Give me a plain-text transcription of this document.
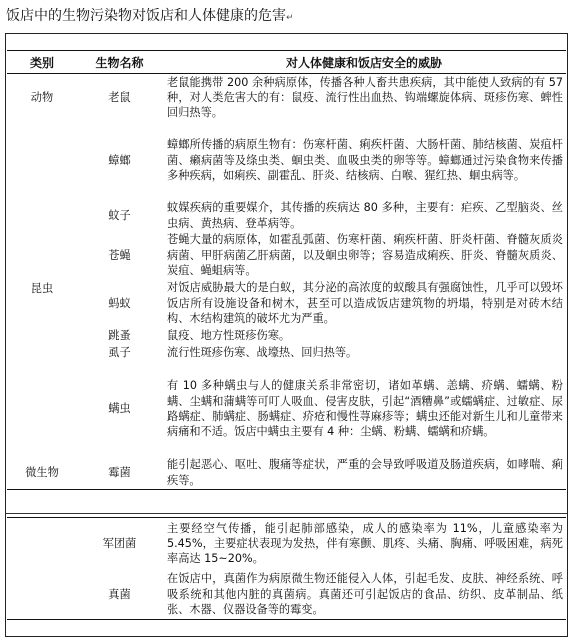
饭店中的生物污染物对饭店和人体健康的危害↵
类别	生物名称	对人体健康和饭店安全的威胁
动物	老鼠	老鼠能携带 200 余种病原体，传播各种人畜共患疾病，其中能使人致病的有 57 种，对人类危害大的有：鼠疫、流行性出血热、钩端螺旋体病、斑疹伤寒、蜱性回归热等。
昆虫	蟑螂	蟑螂所传播的病原生物有：伤寒杆菌、痢疾杆菌、大肠杆菌、肺结核菌、炭疽杆菌、癞病菌等及绦虫类、蛔虫类、血吸虫类的卵等等。蟑螂通过污染食物来传播多种疾病，如痢疾、副霍乱、肝炎、结核病、白喉、猩红热、蛔虫病等。
	蚊子	蚊媒疾病的重要媒介，其传播的疾病达 80 多种，主要有：疟疾、乙型脑炎、丝虫病、黄热病、登革病等。
	苍蝇	苍蝇大量的病原体，如霍乱弧菌、伤寒杆菌、痢疾杆菌、肝炎杆菌、脊髓灰质炎病菌、甲肝病菌乙肝病菌，以及蛔虫卵等；容易造成痢疾、肝炎、脊髓灰质炎、炭疽、蝇蛆病等。
	蚂蚁	对饭店威胁最大的是白蚁，其分泌的高浓度的蚁酸具有强腐蚀性，几乎可以毁坏饭店所有设施设备和树木，甚至可以造成饭店建筑物的坍塌，特别是对砖木结构、木结构建筑的破坏尤为严重。
	跳蚤	鼠疫、地方性斑疹伤寒。
	虱子	流行性斑疹伤寒、战壕热、回归热等。
	螨虫	有 10 多种螨虫与人的健康关系非常密切，诸如革螨、恙螨、疥螨、蠕螨、粉螨、尘螨和蒲螨等可叮人吸血、侵害皮肤，引起“酒糟鼻”或蠕螨症、过敏症、尿路螨症、肺螨症、肠螨症、疥疮和慢性荨麻疹等；螨虫还能对新生儿和儿童带来病痛和不适。饭店中螨虫主要有 4 种：尘螨、粉螨、蠕螨和疥螨。
微生物	霉菌	能引起恶心、呕吐、腹痛等症状，严重的会导致呼吸道及肠道疾病，如哮喘、痢疾等。
	军团菌	主要经空气传播，能引起肺部感染，成人的感染率为 11%，儿童感染率为 5.45%，主要症状表现为发热，伴有寒颤、肌疼、头痛、胸痛、呼吸困难，病死率高达 15~20%。
	真菌	在饭店中，真菌作为病原微生物还能侵入人体，引起毛发、皮肤、神经系统、呼吸系统和其他内脏的真菌病。真菌还可引起饭店的食品、纺织、皮革制品、纸张、木器、仪器设备等的霉变。
